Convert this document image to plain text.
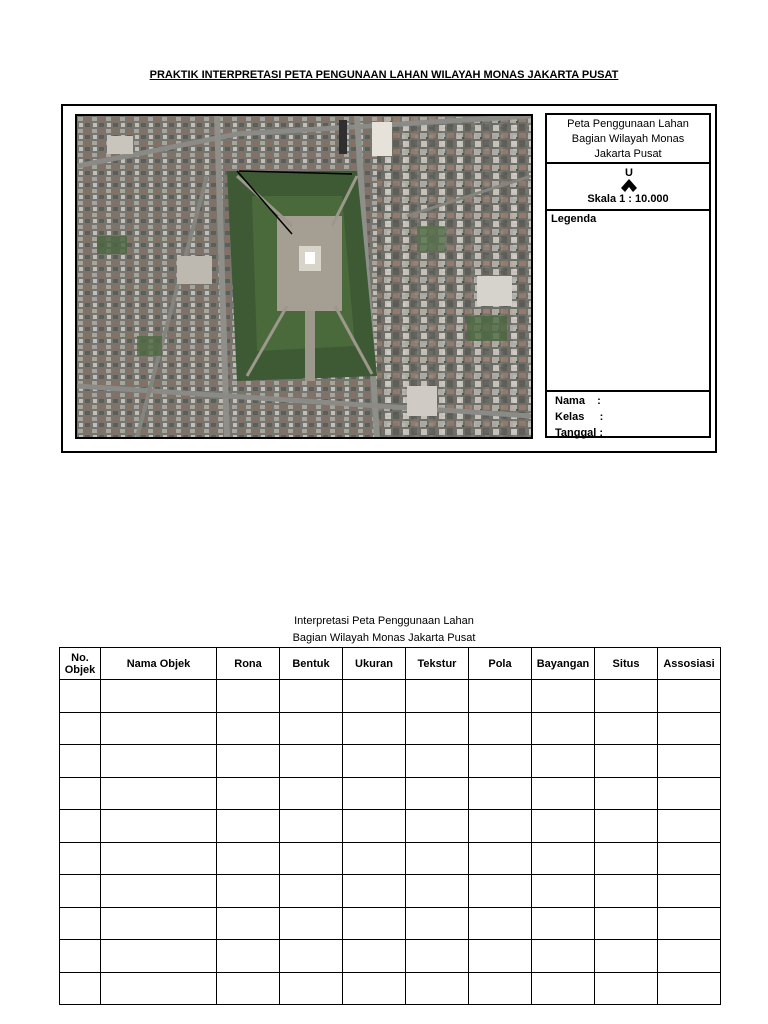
PRAKTIK INTERPRETASI PETA PENGUNAAN LAHAN WILAYAH MONAS JAKARTA PUSAT
Peta Penggunaan Lahan
Bagian Wilayah Monas
Jakarta Pusat
U
Skala 1 : 10.000
Legenda
Nama    :
Kelas     :
Tanggal :
Interpretasi Peta Penggunaan Lahan
Bagian Wilayah Monas Jakarta Pusat
No.
Objek	Nama Objek	Rona	Bentuk	Ukuran	Tekstur	Pola	Bayangan	Situs	Assosiasi
